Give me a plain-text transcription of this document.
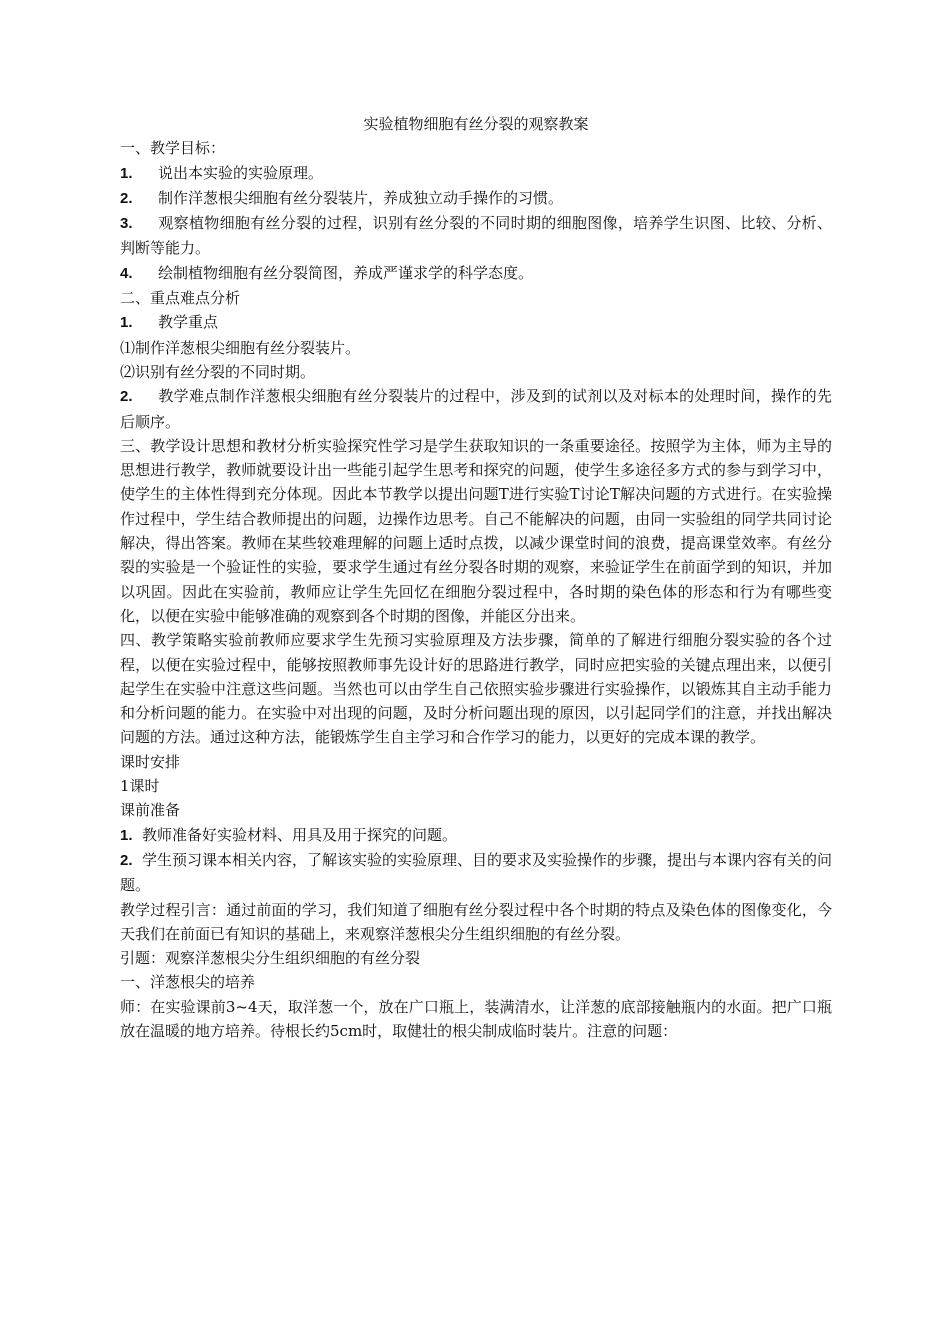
实验植物细胞有丝分裂的观察教案

一、教学目标：

1. 说出本实验的实验原理。

2. 制作洋葱根尖细胞有丝分裂装片，养成独立动手操作的习惯。

3. 观察植物细胞有丝分裂的过程，识别有丝分裂的不同时期的细胞图像，培养学生识图、比较、分析、判断等能力。

4. 绘制植物细胞有丝分裂简图，养成严谨求学的科学态度。

二、重点难点分析

1. 教学重点

⑴制作洋葱根尖细胞有丝分裂装片。

⑵识别有丝分裂的不同时期。

2. 教学难点制作洋葱根尖细胞有丝分裂装片的过程中，涉及到的试剂以及对标本的处理时间，操作的先后顺序。

三、教学设计思想和教材分析实验探究性学习是学生获取知识的一条重要途径。按照学为主体，师为主导的思想进行教学，教师就要设计出一些能引起学生思考和探究的问题，使学生多途径多方式的参与到学习中，使学生的主体性得到充分体现。因此本节教学以提出问题T进行实验T讨论T解决问题的方式进行。在实验操作过程中，学生结合教师提出的问题，边操作边思考。自己不能解决的问题，由同一实验组的同学共同讨论解决，得出答案。教师在某些较难理解的问题上适时点拨，以减少课堂时间的浪费，提高课堂效率。有丝分裂的实验是一个验证性的实验，要求学生通过有丝分裂各时期的观察，来验证学生在前面学到的知识，并加以巩固。因此在实验前，教师应让学生先回忆在细胞分裂过程中，各时期的染色体的形态和行为有哪些变化，以便在实验中能够准确的观察到各个时期的图像，并能区分出来。

四、教学策略实验前教师应要求学生先预习实验原理及方法步骤，简单的了解进行细胞分裂实验的各个过程，以便在实验过程中，能够按照教师事先设计好的思路进行教学，同时应把实验的关键点理出来，以便引起学生在实验中注意这些问题。当然也可以由学生自己依照实验步骤进行实验操作，以锻炼其自主动手能力和分析问题的能力。在实验中对出现的问题，及时分析问题出现的原因，以引起同学们的注意，并找出解决问题的方法。通过这种方法，能锻炼学生自主学习和合作学习的能力，以更好的完成本课的教学。

课时安排

1课时

课前准备

1. 教师准备好实验材料、用具及用于探究的问题。

2. 学生预习课本相关内容，了解该实验的实验原理、目的要求及实验操作的步骤，提出与本课内容有关的问题。

教学过程引言：通过前面的学习，我们知道了细胞有丝分裂过程中各个时期的特点及染色体的图像变化，今天我们在前面已有知识的基础上，来观察洋葱根尖分生组织细胞的有丝分裂。

引题：观察洋葱根尖分生组织细胞的有丝分裂

一、洋葱根尖的培养

师：在实验课前3~4天，取洋葱一个，放在广口瓶上，装满清水，让洋葱的底部接触瓶内的水面。把广口瓶放在温暖的地方培养。待根长约5cm时，取健壮的根尖制成临时装片。注意的问题：
